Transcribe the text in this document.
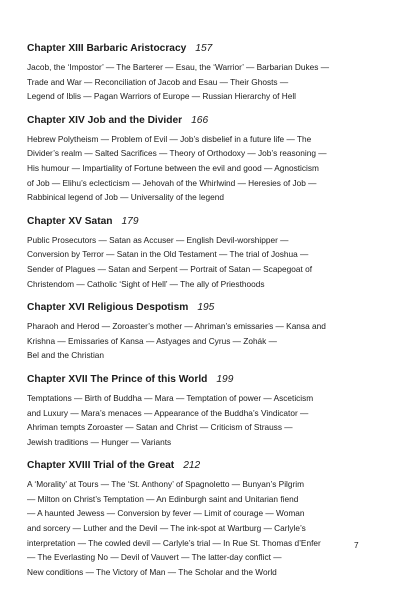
Chapter XIII Barbaric Aristocracy 157

Jacob, the ‘Impostor’ — The Barterer — Esau, the ‘Warrior’ — Barbarian Dukes —
Trade and War — Reconciliation of Jacob and Esau — Their Ghosts —
Legend of Iblis — Pagan Warriors of Europe — Russian Hierarchy of Hell

Chapter XIV Job and the Divider 166

Hebrew Polytheism — Problem of Evil — Job’s disbelief in a future life — The
Divider’s realm — Salted Sacrifices — Theory of Orthodoxy — Job’s reasoning —
His humour — Impartiality of Fortune between the evil and good — Agnosticism
of Job — Elihu’s eclecticism — Jehovah of the Whirlwind — Heresies of Job —
Rabbinical legend of Job — Universality of the legend

Chapter XV Satan 179

Public Prosecutors — Satan as Accuser — English Devil-worshipper —
Conversion by Terror — Satan in the Old Testament — The trial of Joshua —
Sender of Plagues — Satan and Serpent — Portrait of Satan — Scapegoat of
Christendom — Catholic ‘Sight of Hell’ — The ally of Priesthoods

Chapter XVI Religious Despotism 195

Pharaoh and Herod — Zoroaster’s mother — Ahriman’s emissaries — Kansa and
Krishna — Emissaries of Kansa — Astyages and Cyrus — Zohák —
Bel and the Christian

Chapter XVII The Prince of this World 199

Temptations — Birth of Buddha — Mara — Temptation of power — Asceticism
and Luxury — Mara’s menaces — Appearance of the Buddha’s Vindicator —
Ahriman tempts Zoroaster — Satan and Christ — Criticism of Strauss —
Jewish traditions — Hunger — Variants

Chapter XVIII Trial of the Great 212

A ‘Morality’ at Tours — The ‘St. Anthony’ of Spagnoletto — Bunyan’s Pilgrim
— Milton on Christ’s Temptation — An Edinburgh saint and Unitarian fiend
— A haunted Jewess — Conversion by fever — Limit of courage — Woman
and sorcery — Luther and the Devil — The ink-spot at Wartburg — Carlyle’s
interpretation — The cowled devil — Carlyle’s trial — In Rue St. Thomas d’Enfer
— The Everlasting No — Devil of Vauvert — The latter-day conflict —
New conditions — The Victory of Man — The Scholar and the World

7
